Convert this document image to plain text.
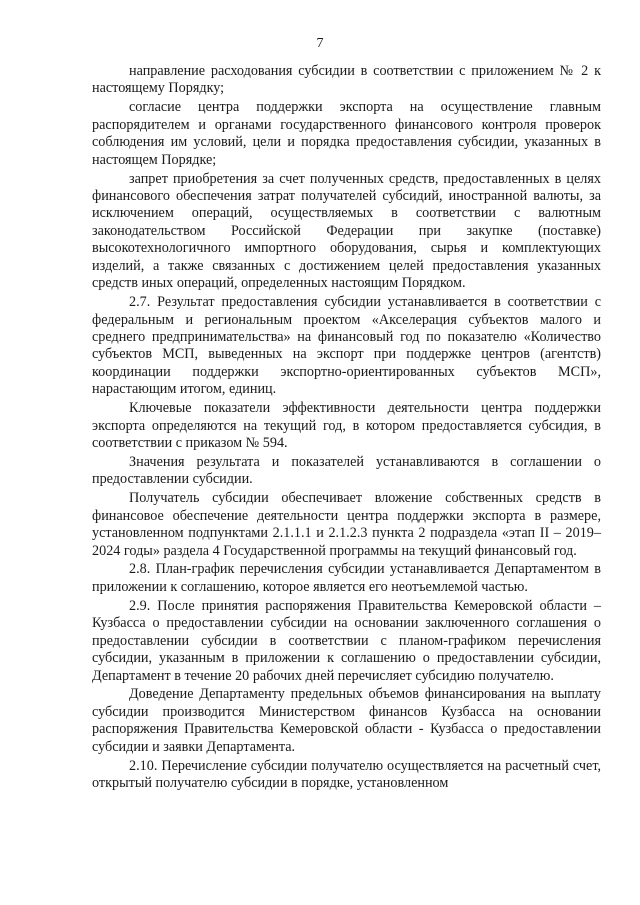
7

направление расходования субсидии в соответствии с приложением № 2 к настоящему Порядку;

согласие центра поддержки экспорта на осуществление главным распорядителем и органами государственного финансового контроля проверок соблюдения им условий, цели и порядка предоставления субсидии, указанных в настоящем Порядке;

запрет приобретения за счет полученных средств, предоставленных в целях финансового обеспечения затрат получателей субсидий, иностранной валюты, за исключением операций, осуществляемых в соответствии с валютным законодательством Российской Федерации при закупке (поставке) высокотехнологичного импортного оборудования, сырья и комплектующих изделий, а также связанных с достижением целей предоставления указанных средств иных операций, определенных настоящим Порядком.

2.7. Результат предоставления субсидии устанавливается в соответствии с федеральным и региональным проектом «Акселерация субъектов малого и среднего предпринимательства» на финансовый год по показателю «Количество субъектов МСП, выведенных на экспорт при поддержке центров (агентств) координации поддержки экспортно-ориентированных субъектов МСП», нарастающим итогом, единиц.

Ключевые показатели эффективности деятельности центра поддержки экспорта определяются на текущий год, в котором предоставляется субсидия, в соответствии с приказом № 594.

Значения результата и показателей устанавливаются в соглашении о предоставлении субсидии.

Получатель субсидии обеспечивает вложение собственных средств в финансовое обеспечение деятельности центра поддержки экспорта в размере, установленном подпунктами 2.1.1.1 и 2.1.2.3 пункта 2 подраздела «этап II – 2019–2024 годы» раздела 4 Государственной программы на текущий финансовый год.

2.8. План-график перечисления субсидии устанавливается Департаментом в приложении к соглашению, которое является его неотъемлемой частью.

2.9. После принятия распоряжения Правительства Кемеровской области – Кузбасса о предоставлении субсидии на основании заключенного соглашения о предоставлении субсидии в соответствии с планом-графиком перечисления субсидии, указанным в приложении к соглашению о предоставлении субсидии, Департамент в течение 20 рабочих дней перечисляет субсидию получателю.

Доведение Департаменту предельных объемов финансирования на выплату субсидии производится Министерством финансов Кузбасса на основании распоряжения Правительства Кемеровской области - Кузбасса о предоставлении субсидии и заявки Департамента.

2.10. Перечисление субсидии получателю осуществляется на расчетный счет, открытый получателю субсидии в порядке, установленном
